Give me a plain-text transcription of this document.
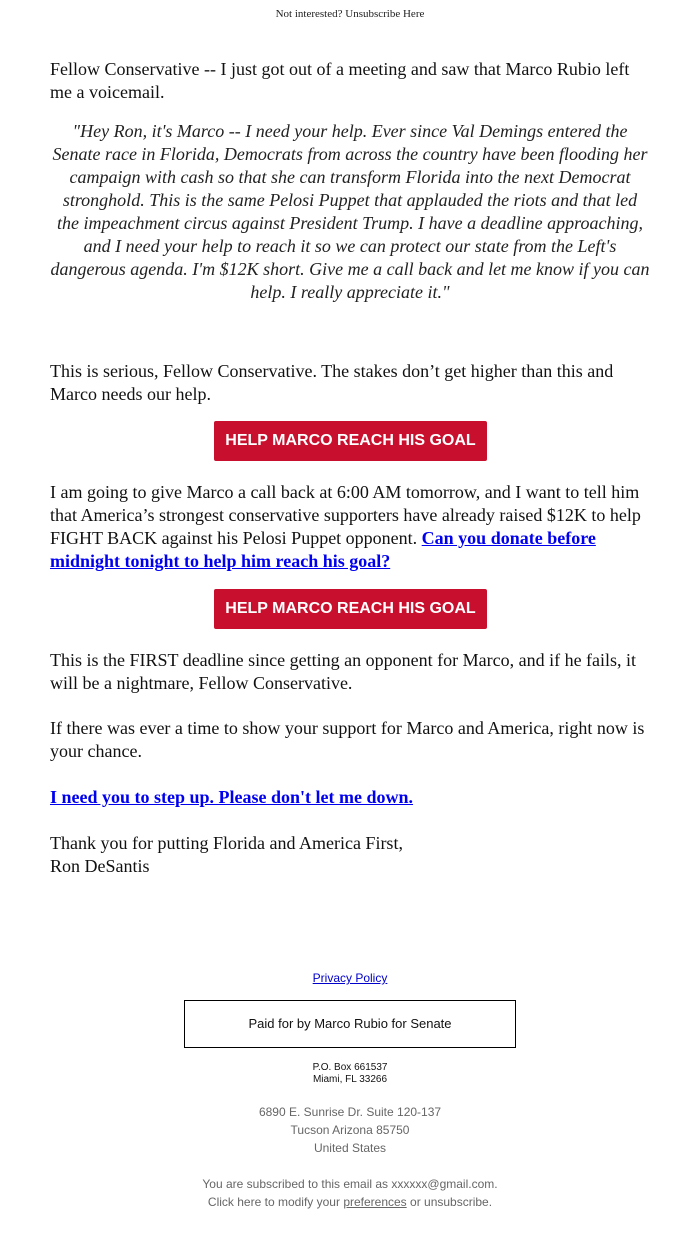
Not interested? Unsubscribe Here

Fellow Conservative -- I just got out of a meeting and saw that Marco Rubio left me a voicemail.

"Hey Ron, it's Marco -- I need your help. Ever since Val Demings entered the Senate race in Florida, Democrats from across the country have been flooding her campaign with cash so that she can transform Florida into the next Democrat stronghold. This is the same Pelosi Puppet that applauded the riots and that led the impeachment circus against President Trump. I have a deadline approaching, and I need your help to reach it so we can protect our state from the Left's dangerous agenda. I'm $12K short. Give me a call back and let me know if you can help. I really appreciate it."

This is serious, Fellow Conservative. The stakes don’t get higher than this and Marco needs our help.

HELP MARCO REACH HIS GOAL

I am going to give Marco a call back at 6:00 AM tomorrow, and I want to tell him that America’s strongest conservative supporters have already raised $12K to help FIGHT BACK against his Pelosi Puppet opponent. Can you donate before midnight tonight to help him reach his goal?

HELP MARCO REACH HIS GOAL

This is the FIRST deadline since getting an opponent for Marco, and if he fails, it will be a nightmare, Fellow Conservative.

If there was ever a time to show your support for Marco and America, right now is your chance.

I need you to step up. Please don't let me down.

Thank you for putting Florida and America First,

Ron DeSantis

Privacy Policy
Paid for by Marco Rubio for Senate
P.O. Box 661537
Miami, FL 33266
6890 E. Sunrise Dr. Suite 120-137
Tucson Arizona 85750
United States
You are subscribed to this email as xxxxxx@gmail.com.
Click here to modify your preferences or unsubscribe.
